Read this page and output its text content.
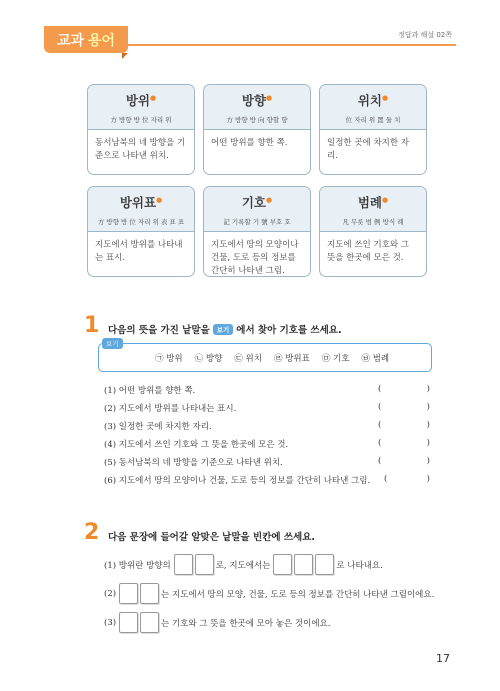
교과 용어	정답과 해설 02쪽
방위●
方 방향 방 位 자리 위
동서남북의 네 방향을 기준으로 나타낸 위치.
방향●
方 방향 방 向 향할 향
어떤 방위를 향한 쪽.
위치●
位 자리 위 置 둘 치
일정한 곳에 차지한 자리.
방위표●
方 방향 방 位 자리 위 表 표 표
지도에서 방위를 나타내는 표시.
기호●
記 기록할 기 號 부호 호
지도에서 땅의 모양이나 건물, 도로 등의 정보를 간단히 나타낸 그림.
범례●
凡 무릇 범 例 방식 례
지도에 쓰인 기호와 그 뜻을 한곳에 모은 것.
1 다음의 뜻을 가진 낱말을	보기 에서 찾아 기호를 쓰세요.
보기
㉠ 방위 ㉡ 방향 ㉢ 위치 ㉣ 방위표 ㉤ 기호 ㉥ 범례
(1) 어떤 방위를 향한 쪽.	(	)
(2) 지도에서 방위를 나타내는 표시.	(	)
(3) 일정한 곳에 차지한 자리.	(	)
(4) 지도에서 쓰인 기호와 그 뜻을 한곳에 모은 것.	(	)
(5) 동서남북의 네 방향을 기준으로 나타낸 위치.	(	)
(6) 지도에서 땅의 모양이나 건물, 도로 등의 정보를 간단히 나타낸 그림. (	)
2 다음 문장에 들어갈 알맞은 낱말을 빈칸에 쓰세요.
(1) 방위란 방향의	로, 지도에서는	로 나타내요.
(2)	는 지도에서 땅의 모양, 건물, 도로 등의 정보를 간단히 나타낸 그림이에요.
(3)	는 기호와 그 뜻을 한곳에 모아 놓은 것이에요.
17
